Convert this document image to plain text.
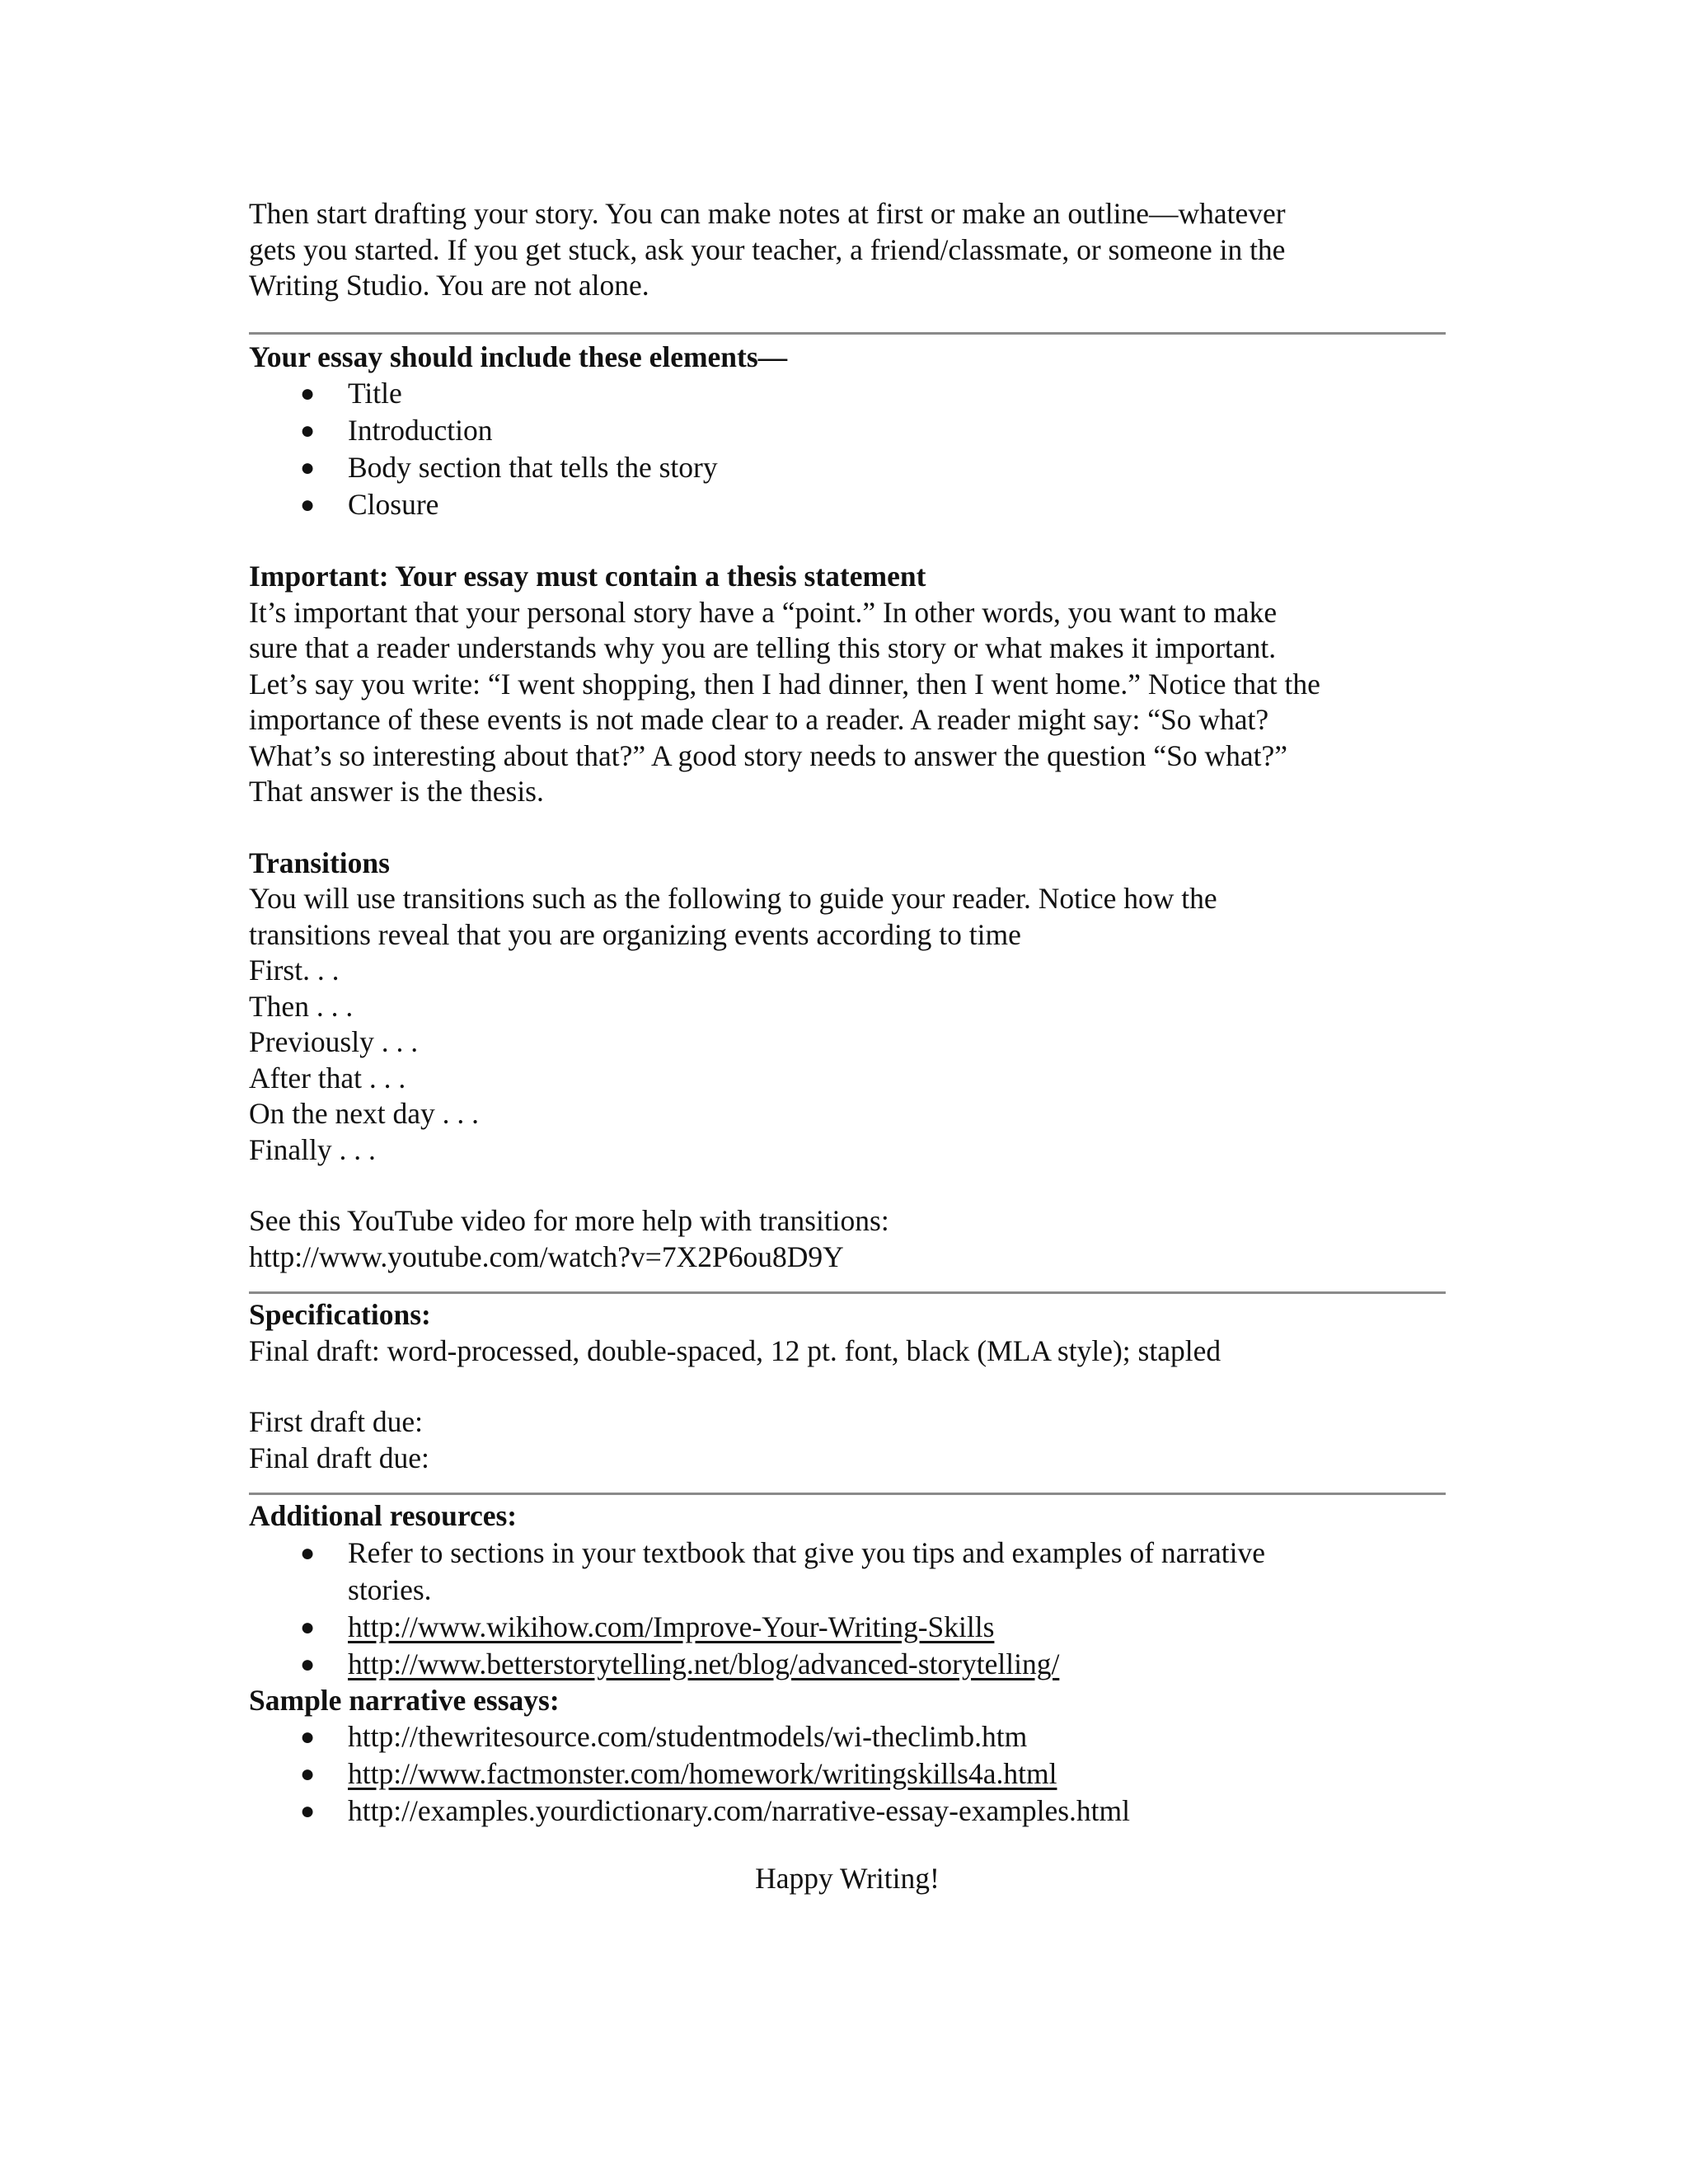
Then start drafting your story. You can make notes at first or make an outline—whatever

gets you started. If you get stuck, ask your teacher, a friend/classmate, or someone in the

Writing Studio. You are not alone.

Your essay should include these elements—

● Title
● Introduction
● Body section that tells the story
● Closure

Important: Your essay must contain a thesis statement

It’s important that your personal story have a “point.” In other words, you want to make

sure that a reader understands why you are telling this story or what makes it important.

Let’s say you write: “I went shopping, then I had dinner, then I went home.” Notice that the

importance of these events is not made clear to a reader. A reader might say: “So what?

What’s so interesting about that?” A good story needs to answer the question “So what?”

That answer is the thesis.

Transitions

You will use transitions such as the following to guide your reader. Notice how the

transitions reveal that you are organizing events according to time

First. . .

Then . . .

Previously . . .

After that . . .

On the next day . . .

Finally . . .

See this YouTube video for more help with transitions:

http://www.youtube.com/watch?v=7X2P6ou8D9Y

Specifications:

Final draft: word-processed, double-spaced, 12 pt. font, black (MLA style); stapled

First draft due:

Final draft due:

Additional resources:

● Refer to sections in your textbook that give you tips and examples of narrative
stories.
● http://www.wikihow.com/Improve-Your-Writing-Skills
● http://www.betterstorytelling.net/blog/advanced-storytelling/

Sample narrative essays:

● http://thewritesource.com/studentmodels/wi-theclimb.htm
● http://www.factmonster.com/homework/writingskills4a.html
● http://examples.yourdictionary.com/narrative-essay-examples.html

Happy Writing!
